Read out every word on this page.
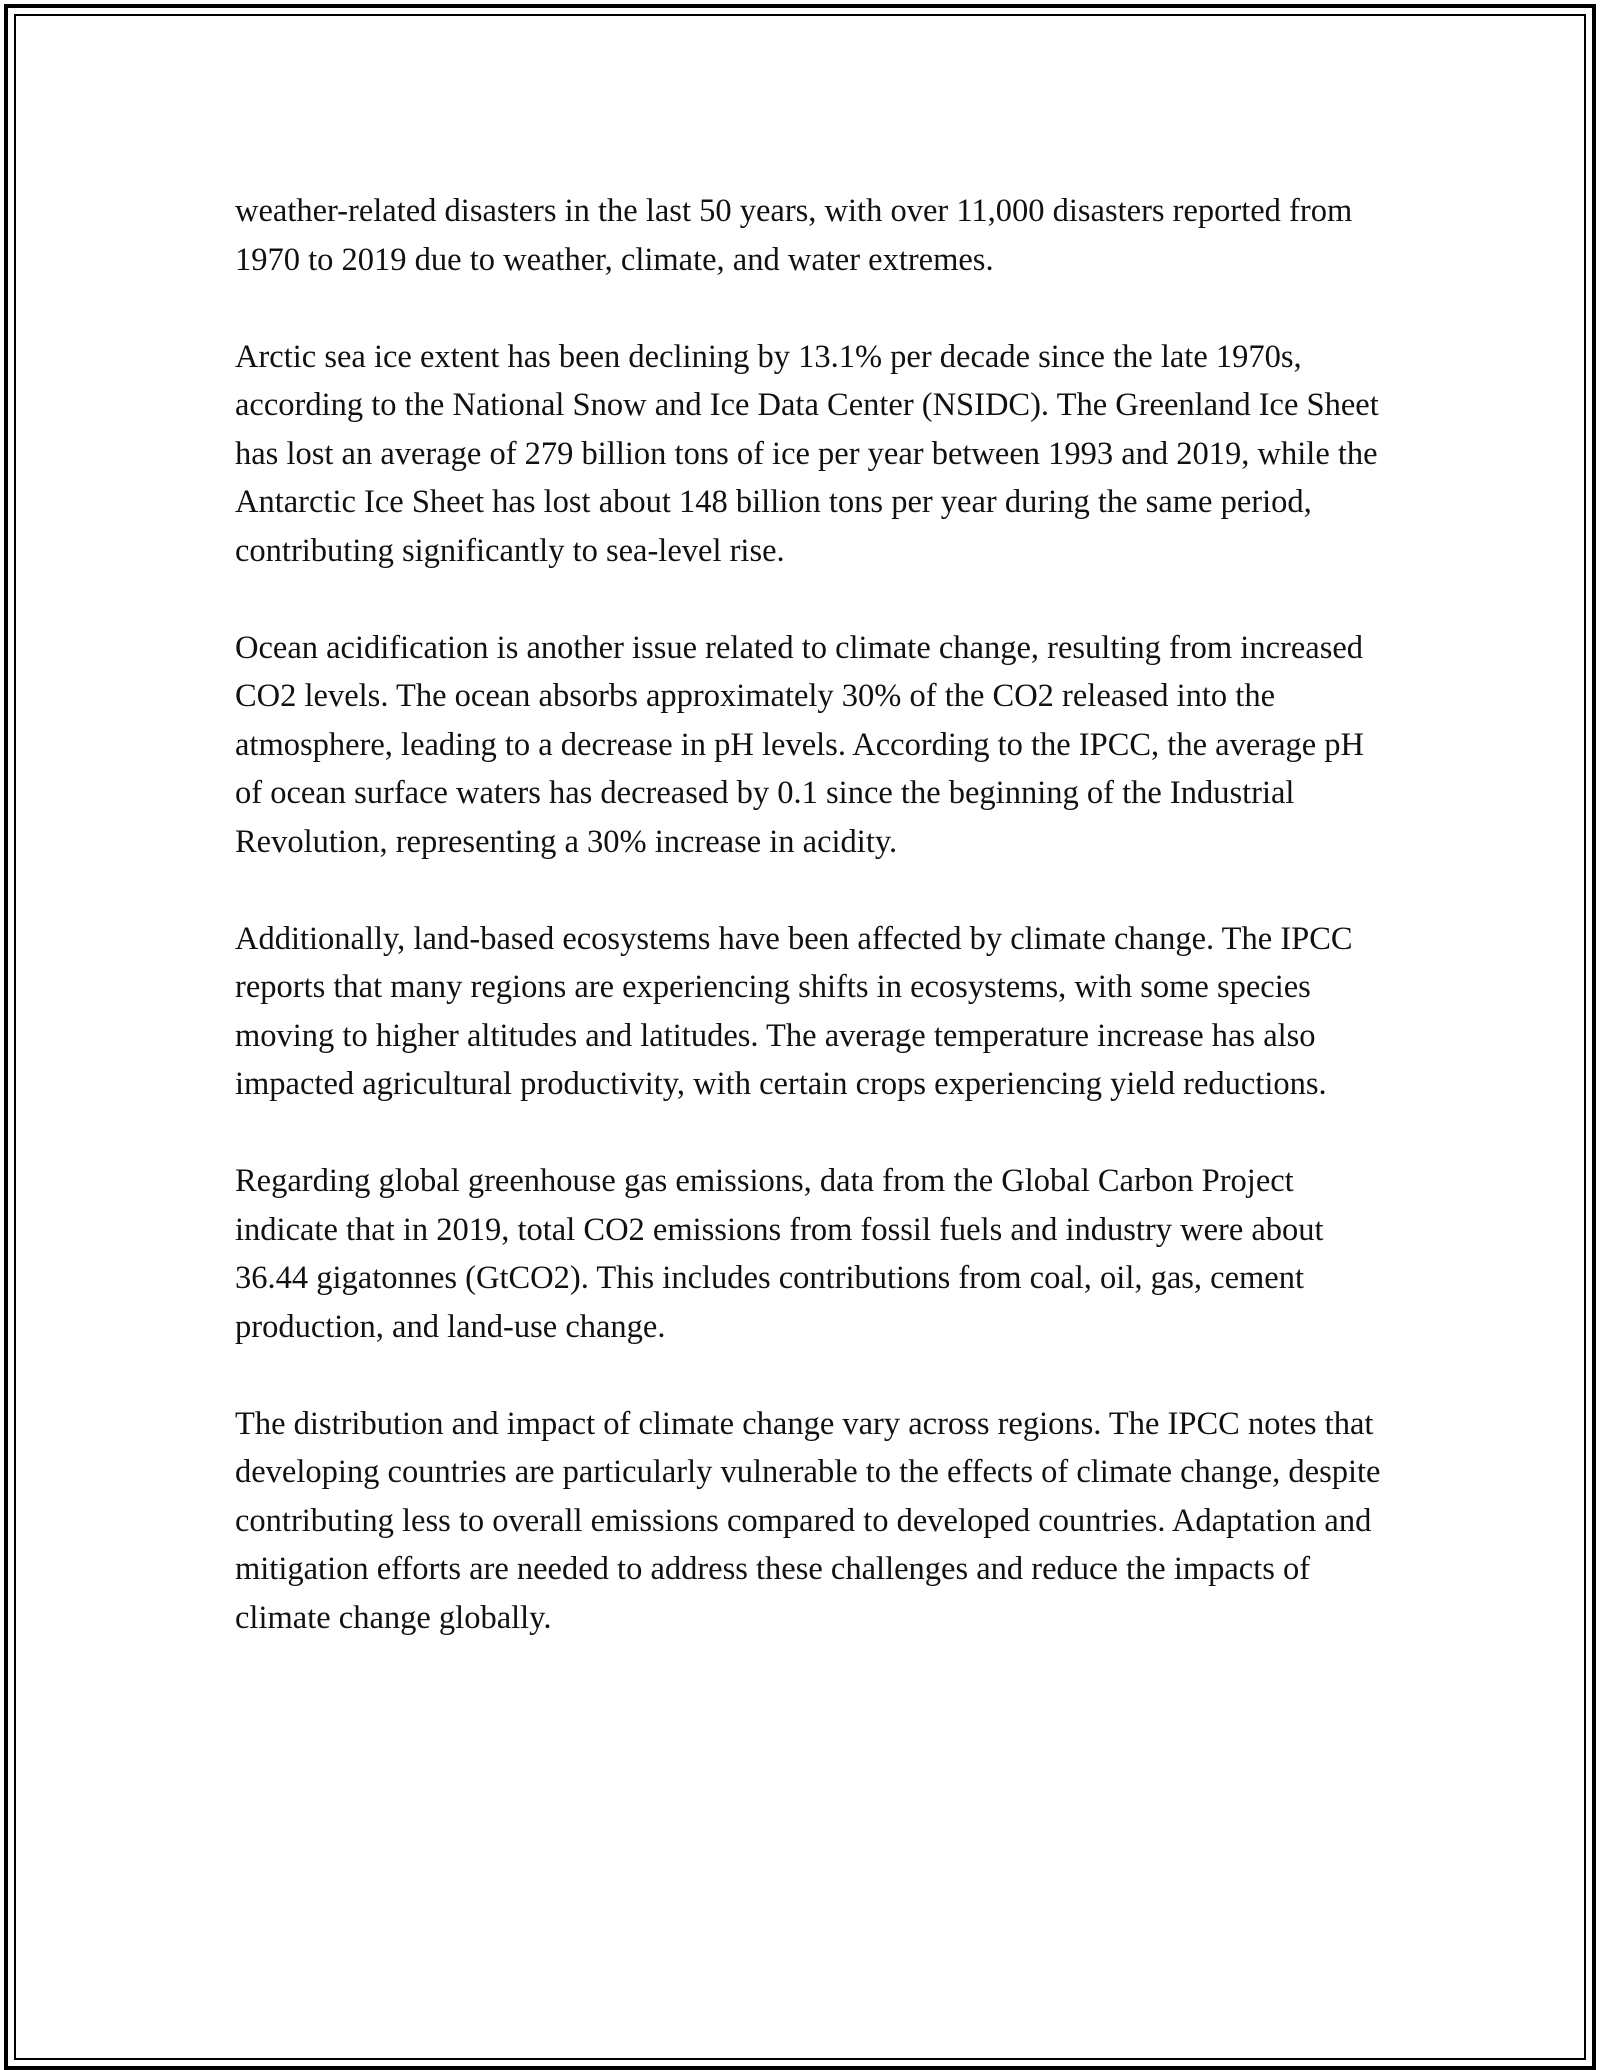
weather-related disasters in the last 50 years, with over 11,000 disasters reported from 1970 to 2019 due to weather, climate, and water extremes.

Arctic sea ice extent has been declining by 13.1% per decade since the late 1970s, according to the National Snow and Ice Data Center (NSIDC). The Greenland Ice Sheet has lost an average of 279 billion tons of ice per year between 1993 and 2019, while the Antarctic Ice Sheet has lost about 148 billion tons per year during the same period, contributing significantly to sea-level rise.

Ocean acidification is another issue related to climate change, resulting from increased CO2 levels. The ocean absorbs approximately 30% of the CO2 released into the atmosphere, leading to a decrease in pH levels. According to the IPCC, the average pH of ocean surface waters has decreased by 0.1 since the beginning of the Industrial Revolution, representing a 30% increase in acidity.

Additionally, land-based ecosystems have been affected by climate change. The IPCC reports that many regions are experiencing shifts in ecosystems, with some species moving to higher altitudes and latitudes. The average temperature increase has also impacted agricultural productivity, with certain crops experiencing yield reductions.

Regarding global greenhouse gas emissions, data from the Global Carbon Project indicate that in 2019, total CO2 emissions from fossil fuels and industry were about 36.44 gigatonnes (GtCO2). This includes contributions from coal, oil, gas, cement production, and land-use change.

The distribution and impact of climate change vary across regions. The IPCC notes that developing countries are particularly vulnerable to the effects of climate change, despite contributing less to overall emissions compared to developed countries. Adaptation and mitigation efforts are needed to address these challenges and reduce the impacts of climate change globally.
